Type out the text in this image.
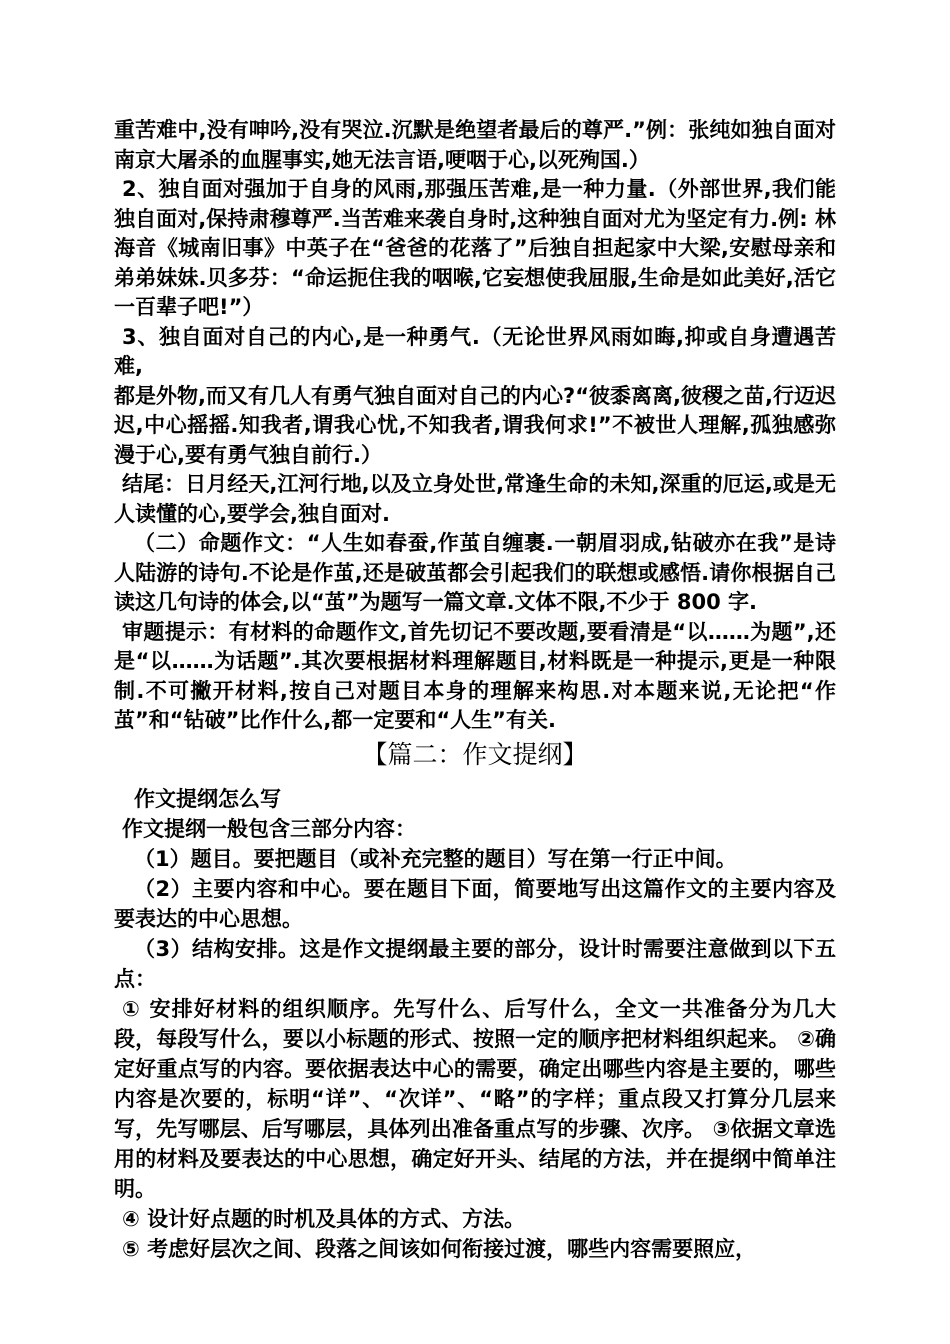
重苦难中,没有呻吟,没有哭泣.沉默是绝望者最后的尊严.”例：张纯如独自面对南京大屠杀的血腥事实,她无法言语,哽咽于心,以死殉国.）

2、独自面对强加于自身的风雨,那强压苦难,是一种力量.（外部世界,我们能独自面对,保持肃穆尊严.当苦难来袭自身时,这种独自面对尤为坚定有力.例: 林海音《城南旧事》中英子在“爸爸的花落了”后独自担起家中大梁,安慰母亲和弟弟妹妹.贝多芬：“命运扼住我的咽喉,它妄想使我屈服,生命是如此美好,活它一百辈子吧!”）

3、独自面对自己的内心,是一种勇气.（无论世界风雨如晦,抑或自身遭遇苦难,

都是外物,而又有几人有勇气独自面对自己的内心?“彼黍离离,彼稷之苗,行迈迟迟,中心摇摇.知我者,谓我心忧,不知我者,谓我何求!”不被世人理解,孤独感弥漫于心,要有勇气独自前行.）

结尾：日月经天,江河行地,以及立身处世,常逢生命的未知,深重的厄运,或是无人读懂的心,要学会,独自面对.

（二）命题作文：“人生如春蚕,作茧自缠裹.一朝眉羽成,钻破亦在我”是诗人陆游的诗句.不论是作茧,还是破茧都会引起我们的联想或感悟.请你根据自己读这几句诗的体会,以“茧”为题写一篇文章.文体不限,不少于 800 字.

审题提示：有材料的命题作文,首先切记不要改题,要看清是“以……为题”,还是“以……为话题”.其次要根据材料理解题目,材料既是一种提示,更是一种限制.不可撇开材料,按自己对题目本身的理解来构思.对本题来说,无论把“作茧”和“钻破”比作什么,都一定要和“人生”有关.

【篇二：作文提纲】

作文提纲怎么写

作文提纲一般包含三部分内容：

（1）题目。要把题目（或补充完整的题目）写在第一行正中间。

（2）主要内容和中心。要在题目下面，简要地写出这篇作文的主要内容及要表达的中心思想。

（3）结构安排。这是作文提纲最主要的部分，设计时需要注意做到以下五点：

① 安排好材料的组织顺序。先写什么、后写什么，全文一共准备分为几大段，每段写什么，要以小标题的形式、按照一定的顺序把材料组织起来。 ②确定好重点写的内容。要依据表达中心的需要，确定出哪些内容是主要的，哪些内容是次要的，标明“详”、“次详”、“略”的字样；重点段又打算分几层来写，先写哪层、后写哪层，具体列出准备重点写的步骤、次序。 ③依据文章选用的材料及要表达的中心思想，确定好开头、结尾的方法，并在提纲中简单注明。

④ 设计好点题的时机及具体的方式、方法。

⑤ 考虑好层次之间、段落之间该如何衔接过渡，哪些内容需要照应，
